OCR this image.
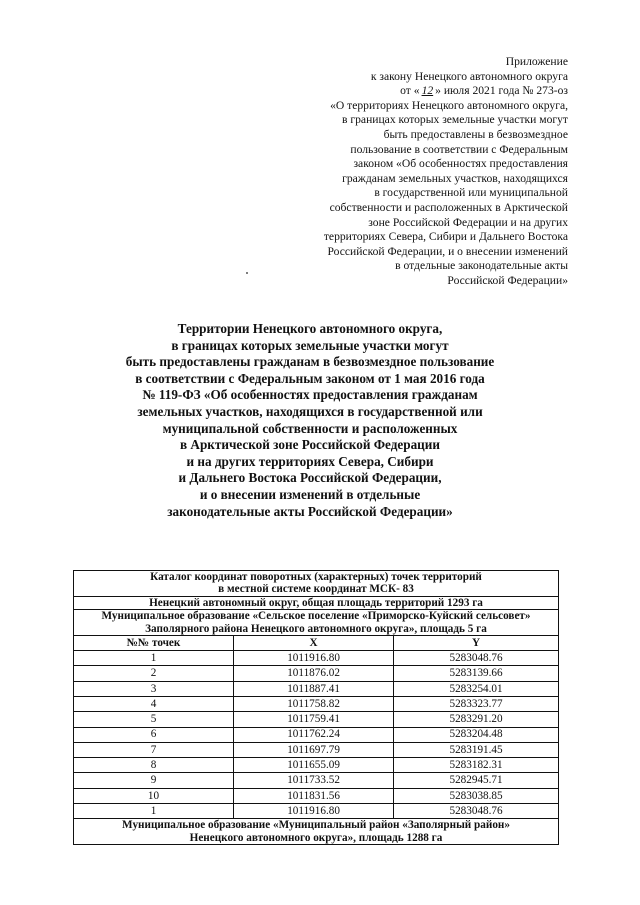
Приложение
к закону Ненецкого автономного округа
от « 12 » июля 2021 года № 273-оз
«О территориях Ненецкого автономного округа,
в границах которых земельные участки могут
быть предоставлены в безвозмездное
пользование в соответствии с Федеральным
законом «Об особенностях предоставления
гражданам земельных участков, находящихся
в государственной или муниципальной
собственности и расположенных в Арктической
зоне Российской Федерации и на других
территориях Севера, Сибири и Дальнего Востока
Российской Федерации, и о внесении изменений
в отдельные законодательные акты
Российской Федерации»
Территории Ненецкого автономного округа,
в границах которых земельные участки могут
быть предоставлены гражданам в безвозмездное пользование
в соответствии с Федеральным законом от 1 мая 2016 года
№ 119-ФЗ «Об особенностях предоставления гражданам
земельных участков, находящихся в государственной или
муниципальной собственности и расположенных
в Арктической зоне Российской Федерации
и на других территориях Севера, Сибири
и Дальнего Востока Российской Федерации,
и о внесении изменений в отдельные
законодательные акты Российской Федерации»

Каталог координат поворотных (характерных) точек территорий
в местной системе координат МСК- 83		

Ненецкий автономный округ, общая площадь территорий 1293 га		

Муниципальное образование «Сельское поселение «Приморско-Куйский сельсовет»
Заполярного района Ненецкого автономного округа», площадь 5 га		

№№ точек	X	Y
1	1011916.80	5283048.76
2	1011876.02	5283139.66
3	1011887.41	5283254.01
4	1011758.82	5283323.77
5	1011759.41	5283291.20
6	1011762.24	5283204.48
7	1011697.79	5283191.45
8	1011655.09	5283182.31
9	1011733.52	5282945.71
10	1011831.56	5283038.85
1	1011916.80	5283048.76

Муниципальное образование «Муниципальный район «Заполярный район»
Ненецкого автономного округа», площадь 1288 га		
